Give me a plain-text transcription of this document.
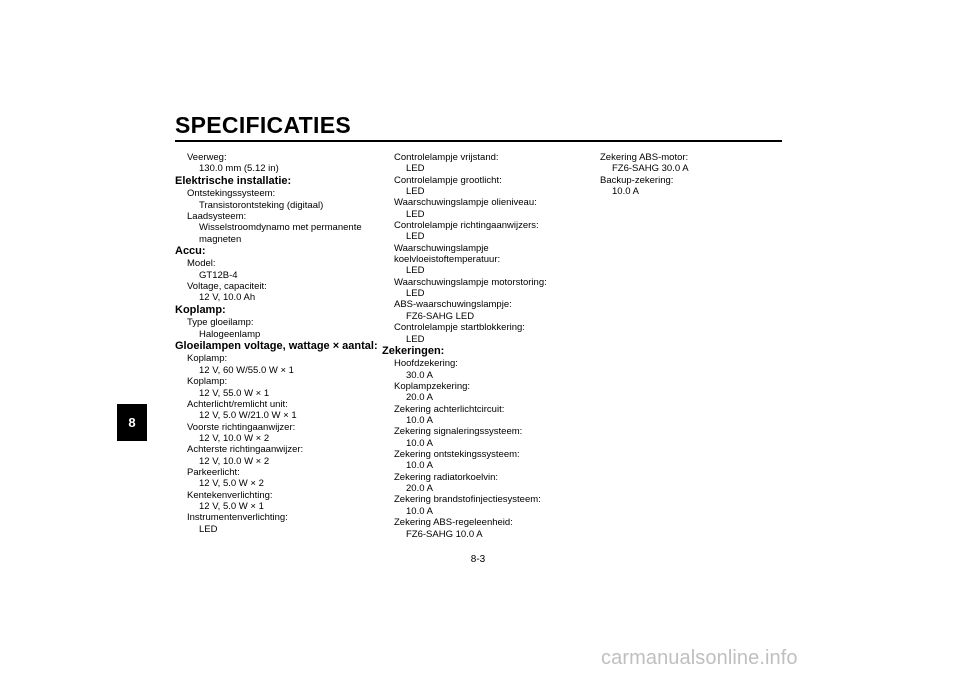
SPECIFICATIES
8
Veerweg:
130.0 mm (5.12 in)
Elektrische installatie:
Ontstekingssysteem:
Transistorontsteking (digitaal)
Laadsysteem:
Wisselstroomdynamo met permanente
magneten
Accu:
Model:
GT12B-4
Voltage, capaciteit:
12 V, 10.0 Ah
Koplamp:
Type gloeilamp:
Halogeenlamp
Gloeilampen voltage, wattage × aantal:
Koplamp:
12 V, 60 W/55.0 W × 1
Koplamp:
12 V, 55.0 W × 1
Achterlicht/remlicht unit:
12 V, 5.0 W/21.0 W × 1
Voorste richtingaanwijzer:
12 V, 10.0 W × 2
Achterste richtingaanwijzer:
12 V, 10.0 W × 2
Parkeerlicht:
12 V, 5.0 W × 2
Kentekenverlichting:
12 V, 5.0 W × 1
Instrumentenverlichting:
LED
Controlelampje vrijstand:
LED
Controlelampje grootlicht:
LED
Waarschuwingslampje olieniveau:
LED
Controlelampje richtingaanwijzers:
LED
Waarschuwingslampje
koelvloeistoftemperatuur:
LED
Waarschuwingslampje motorstoring:
LED
ABS-waarschuwingslampje:
FZ6-SAHG LED
Controlelampje startblokkering:
LED
Zekeringen:
Hoofdzekering:
30.0 A
Koplampzekering:
20.0 A
Zekering achterlichtcircuit:
10.0 A
Zekering signaleringssysteem:
10.0 A
Zekering ontstekingssysteem:
10.0 A
Zekering radiatorkoelvin:
20.0 A
Zekering brandstofinjectiesysteem:
10.0 A
Zekering ABS-regeleenheid:
FZ6-SAHG 10.0 A
Zekering ABS-motor:
FZ6-SAHG 30.0 A
Backup-zekering:
10.0 A
8-3
carmanualsonline.info
